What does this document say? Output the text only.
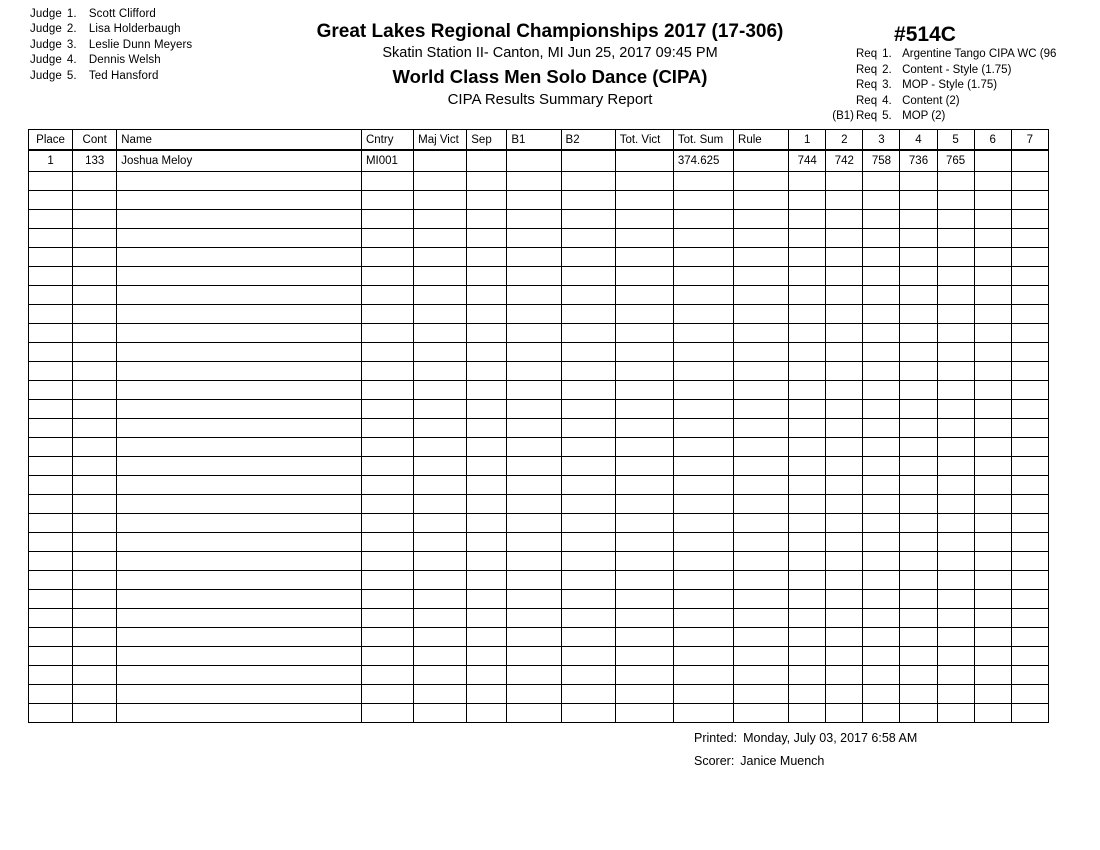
Judge 1. Scott Clifford
Judge 2. Lisa Holderbaugh
Judge 3. Leslie Dunn Meyers
Judge 4. Dennis Welsh
Judge 5. Ted Hansford
Great Lakes Regional Championships 2017 (17-306)
Skatin Station II- Canton, MI Jun 25, 2017 09:45 PM
World Class Men Solo Dance (CIPA)
CIPA Results Summary Report
#514C
Req 1. Argentine Tango CIPA WC (96
Req 2. Content - Style (1.75)
Req 3. MOP - Style (1.75)
Req 4. Content (2)
(B1) Req 5. MOP (2)
Place	Cont	Name	Cntry	Maj Vict	Sep	B1	B2	Tot. Vict	Tot. Sum	Rule	1	2	3	4	5	6	7
1	133	Joshua Meloy	MI001						374.625		744	742	758	736	765		

Printed: Monday, July 03, 2017 6:58 AM
Scorer: Janice Muench
